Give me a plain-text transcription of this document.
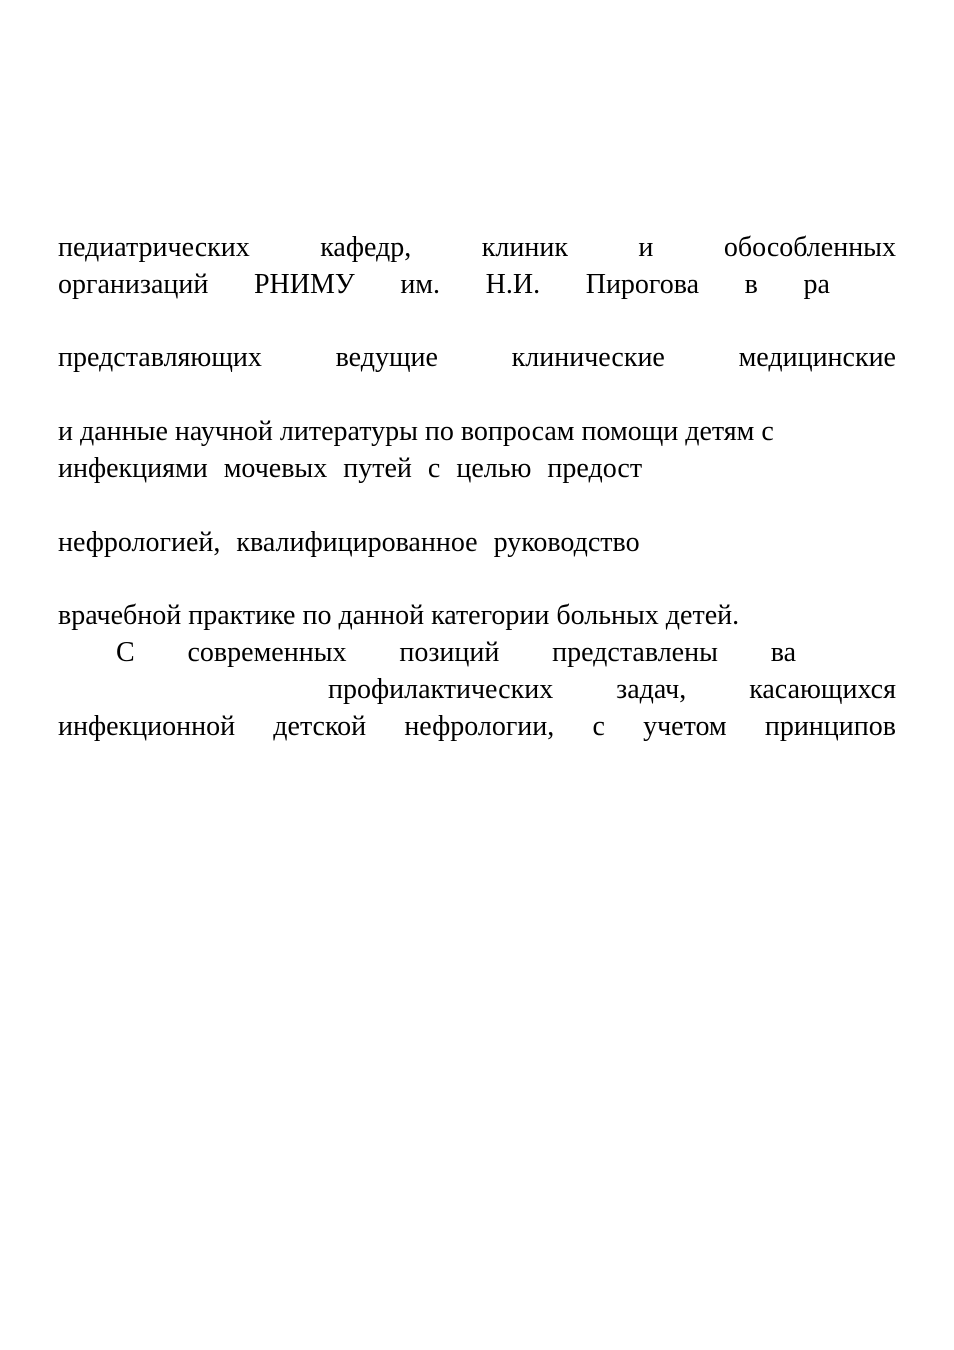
педиатрических	кафедр,	клиник	и	обособленных
организаций РНИМУ им. Н.И. Пирогова в ра
представляющих	ведущие	клинические	медицинские
и данные научной литературы по вопросам помощи детям с
инфекциями мочевых путей с целью предост
нефрологией, квалифицированное руководство
врачебной практике по данной категории больных детей.
С современных позиций представлены ва
профилактических задач, касающихся
инфекционной детской нефрологии, с учетом принципов
